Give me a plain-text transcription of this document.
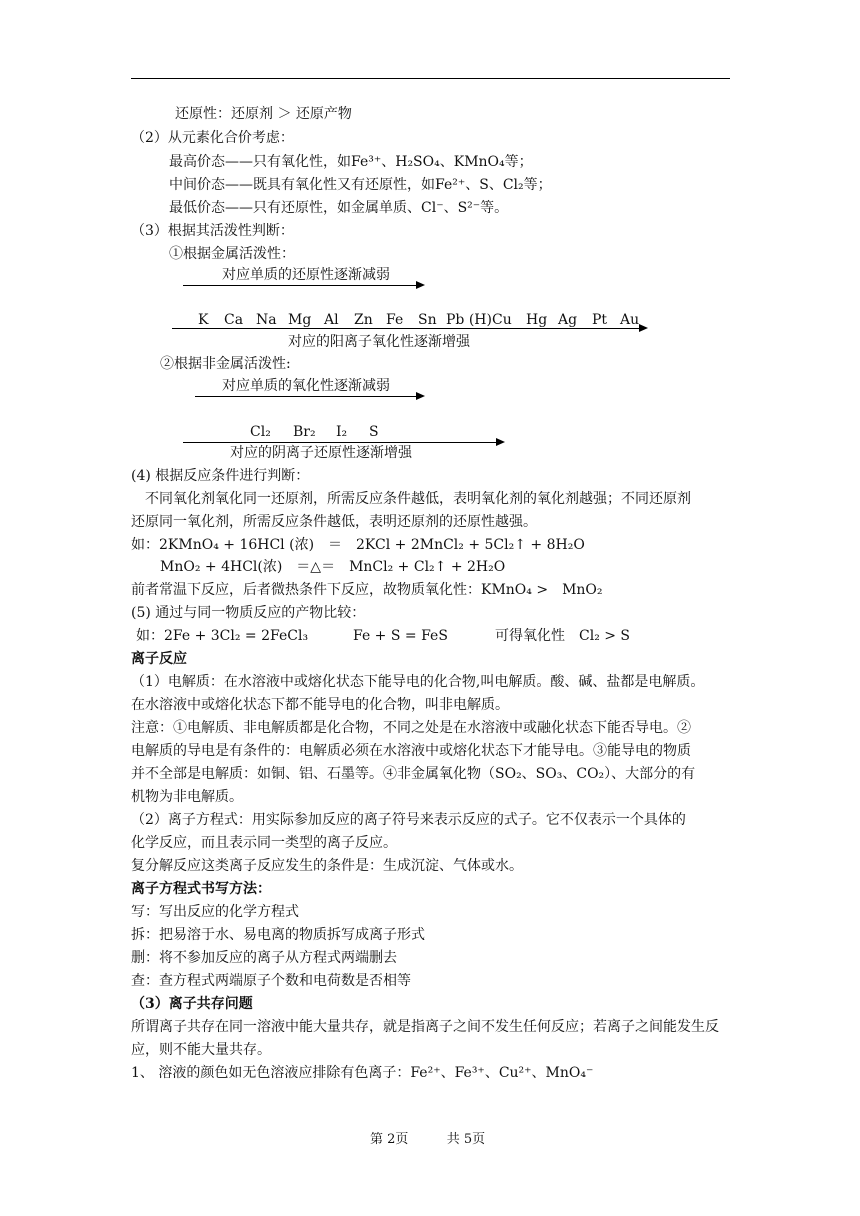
还原性：还原剂 ＞ 还原产物
（2）从元素化合价考虑：
最高价态——只有氧化性，如Fe³⁺、H₂SO₄、KMnO₄等；
中间价态——既具有氧化性又有还原性，如Fe²⁺、S、Cl₂等；
最低价态——只有还原性，如金属单质、Cl⁻、S²⁻等。
（3）根据其活泼性判断：
①根据金属活泼性：
对应单质的还原性逐渐减弱
K Ca Na Mg Al Zn Fe Sn Pb (H) Cu Hg Ag Pt Au
对应的阳离子氧化性逐渐增强
②根据非金属活泼性:
对应单质的氧化性逐渐减弱
Cl₂ Br₂ I₂ S
对应的阴离子还原性逐渐增强
(4) 根据反应条件进行判断：
不同氧化剂氧化同一还原剂，所需反应条件越低，表明氧化剂的氧化剂越强；不同还原剂
还原同一氧化剂，所需反应条件越低，表明还原剂的还原性越强。
如：2KMnO₄ + 16HCl (浓)　＝　2KCl + 2MnCl₂ + 5Cl₂↑ + 8H₂O
MnO₂ + 4HCl(浓)　＝△＝　MnCl₂ + Cl₂↑ + 2H₂O
前者常温下反应，后者微热条件下反应，故物质氧化性：KMnO₄ >　MnO₂
(5) 通过与同一物质反应的产物比较：
如：2Fe + 3Cl₂ = 2FeCl₃	Fe + S = FeS	可得氧化性　Cl₂ > S
离子反应
（1）电解质：在水溶液中或熔化状态下能导电的化合物,叫电解质。酸、碱、盐都是电解质。
在水溶液中或熔化状态下都不能导电的化合物，叫非电解质。
注意：①电解质、非电解质都是化合物，不同之处是在水溶液中或融化状态下能否导电。②
电解质的导电是有条件的：电解质必须在水溶液中或熔化状态下才能导电。③能导电的物质
并不全部是电解质：如铜、铝、石墨等。④非金属氧化物（SO₂、SO₃、CO₂）、大部分的有
机物为非电解质。
（2）离子方程式：用实际参加反应的离子符号来表示反应的式子。它不仅表示一个具体的
化学反应，而且表示同一类型的离子反应。
复分解反应这类离子反应发生的条件是：生成沉淀、气体或水。
离子方程式书写方法：
写：写出反应的化学方程式
拆：把易溶于水、易电离的物质拆写成离子形式
删：将不参加反应的离子从方程式两端删去
查：查方程式两端原子个数和电荷数是否相等
（3）离子共存问题
所谓离子共存在同一溶液中能大量共存，就是指离子之间不发生任何反应；若离子之间能发生反
应，则不能大量共存。
1、 溶液的颜色如无色溶液应排除有色离子：Fe²⁺、Fe³⁺、Cu²⁺、MnO₄⁻
第 2页	共 5页
